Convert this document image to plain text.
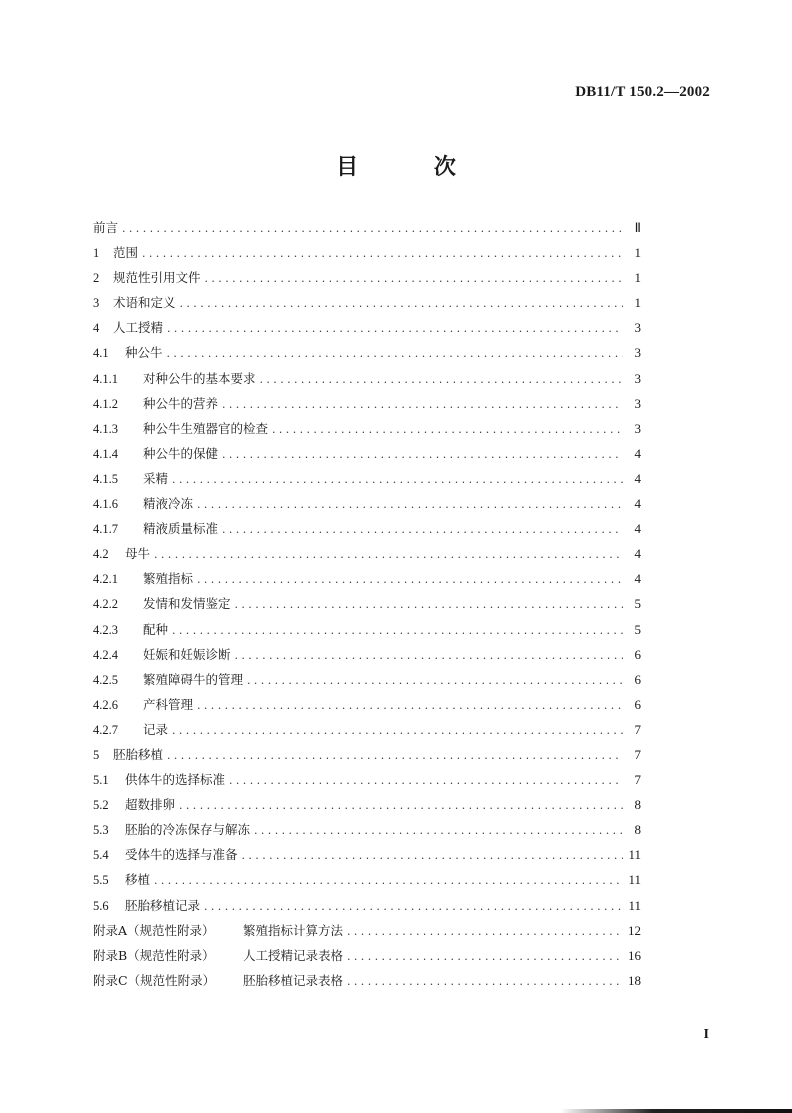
DB11/T 150.2—2002
目 次
前言 .....	Ⅱ
1	范围 .....	1
2	规范性引用文件 .....	1
3	术语和定义 .....	1
4	人工授精 .....	3
4.1	种公牛 .....	3
4.1.1	对种公牛的基本要求 .....	3
4.1.2	种公牛的营养 .....	3
4.1.3	种公牛生殖器官的检查 .....	3
4.1.4	种公牛的保健 .....	4
4.1.5	采精 .....	4
4.1.6	精液冷冻 .....	4
4.1.7	精液质量标准 .....	4
4.2	母牛 .....	4
4.2.1	繁殖指标 .....	4
4.2.2	发情和发情鉴定 .....	5
4.2.3	配种 .....	5
4.2.4	妊娠和妊娠诊断 .....	6
4.2.5	繁殖障碍牛的管理 .....	6
4.2.6	产科管理 .....	6
4.2.7	记录 .....	7
5	胚胎移植 .....	7
5.1	供体牛的选择标准 .....	7
5.2	超数排卵 .....	8
5.3	胚胎的冷冻保存与解冻 .....	8
5.4	受体牛的选择与准备 .....	11
5.5	移植 .....	11
5.6	胚胎移植记录 .....	11
附录A（规范性附录）	繁殖指标计算方法 .....	12
附录B（规范性附录）	人工授精记录表格 .....	16
附录C（规范性附录）	胚胎移植记录表格 .....	18
I
